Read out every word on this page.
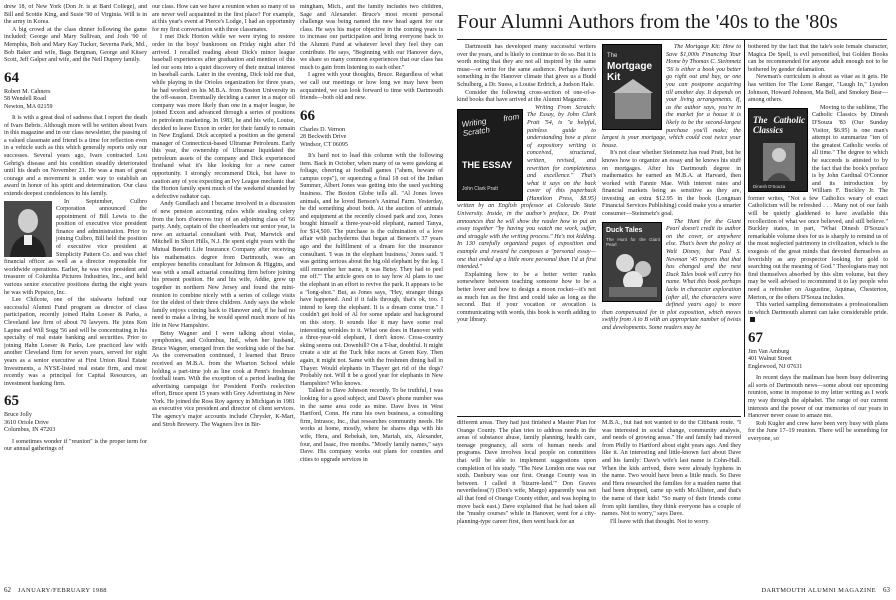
drew 18, of New York (Don Jr. is at Bard College), and Bill and Scottie King, and Susie '90 of Virginia. Will is in the army in Korea.

A big crowd at the class dinner following the game included: George and Mary Sullivan, and Josh '90 of Memphis, Bob and Mary Kay Tucker, Severna Park, Md., Bob Baker and wife, Bags Bergman, George and Kitsey Scott, Jeff Galper and wife, and the Neil Duprey family.

64
Robert M. Cahners
58 Wendell Road
Newton, MA 02159

It is with a great deal of sadness that I report the death of Ivars Bebris. Although more will be written about Ivars in this magazine and in our class newsletter, the passing of a valued classmate and friend is a time for reflection even in a vehicle such as this which generally reports only our successes. Several years ago, Ivars contracted Lou Gehrig's disease and his condition steadily deteriorated until his death on November 21. He was a man of great courage and a movement is under way to establish an award in honor of his spirit and determination. Our class extends deepest condolences to his family.

In September, Culbro Corporation announced the appointment of Bill Lewis to the position of executive vice president finance and administration. Prior to joining Culbro, Bill held the position of executive vice president at Simplicity Pattern Co. and was chief financial officer as well as a director responsible for worldwide operations. Earlier, he was vice president and treasurer of Columbia Pictures Industries, Inc., and held various senior executive positions during the eight years he was with Pepsico, Inc.

Lee Chilcote, one of the stalwarts behind our successful Alumni Fund program as director of class participation, recently joined Hahn Loeser & Parks, a Cleveland law firm of about 70 lawyers. He joins Ken Lapine and Will Sogg '56 and will be concentrating in his specialty of real estate banking and securities. Prior to joining Hahn Loeser & Parks, Lee practiced law with another Cleveland firm for seven years, served for eight years as a senior executive at First Union Real Estate Investments, a NYSE-listed real estate firm, and most recently was a principal for Capital Resources, an investment banking firm.

65
Bruce Jolly
3610 Oriole Drive
Columbus, IN 47203

I sometimes wonder if "reunion" is the proper term for our annual gatherings of

our class. How can we have a reunion when so many of us are never well acquainted in the first place? For example, at this year's event at Pierce's Lodge, I had an opportunity for my first conversation with three classmates.

I met Dick Horton while we were trying to restore order in the boys' bunkroom on Friday night after I'd arrived. I recalled reading about Dick's minor league baseball experiences after graduation and mention of this led our sons into a quiet discovery of their mutual interest in baseball cards. Later in the evening, Dick told me that, while playing in the Orioles organization for three years, he had worked on his M.B.A. from Boston University in the off-season. Eventually deciding a career in a major oil company was more likely than one in a major league, he joined Exxon and advanced through a series of positions in petroleum marketing. In 1983, he and his wife, Louise, decided to leave Exxon in order for their family to remain in New England. Dick accepted a position as the general manager of Connecticut-based Ultramar Petroleum. Early this year, the ownership of Ultramar liquidated the petroleum assets of the company and Dick experienced firsthand what it's like looking for a new career opportunity. I strongly recommend Dick, but have to caution any of you expecting an Ivy League mechanic that the Horton family spent much of the weekend stranded by a defective radiator cap.

Andy Gundlach and I became involved in a discussion of new pension accounting rules while stealing celery from the hors d'oeuvres tray of an adjoining class of '66 party. Andy, captain of the cheerleaders our senior year, is now an actuarial consultant with Peat, Marwick and Mitchell in Short Hills, N.J. He spent eight years with the Mutual Benefit Life Insurance Company after receiving his mathematics degree from Dartmouth, was an employee benefits consultant for Johnson & Higgins, and was with a small actuarial consulting firm before joining his present position. He and his wife, Addie, grew up together in northern New Jersey and found the mini-reunion to combine nicely with a series of college visits for the eldest of their three children. Andy says the whole family enjoys coming back to Hanover and, if he had no need to make a living, he would spend much more of his life in New Hampshire.

Betsy Wagner and I were talking about violas, symphonies, and Columbus, Ind., when her husband, Bruce Wagner, emerged from the working side of the bar. As the conversation continued, I learned that Bruce received an M.B.A. from the Wharton School while holding a part-time job as line cook at Penn's freshman football team. With the exception of a period leading the advertising campaign for President Ford's reelection effort, Bruce spent 15 years with Grey Advertising in New York. He joined the Ross Roy agency in Michigan in 1981 as executive vice president and director of client services. The agency's major accounts include Chrysler, K-Mart, and Stroh Brewery. The Wagners live in Bir-

mingham, Mich., and the family includes two children, Sage and Alexander. Bruce's most recent personal challenge was being named the new head agent for our class. He says his major objective in the coming years is to increase our participation and bring everyone back to the Alumni Fund at whatever level they feel they can contribute. He says, "Beginning with our Hanover days, we share so many common experiences that our class has much to gain from listening to each other."

I agree with your thoughts, Bruce. Regardless of what we call our meetings or how long we may have been acquainted, we can look forward to time with Dartmouth friends—both old and new.

66
Charles D. Vernon
28 Beckwith Drive
Windsor, CT 06095

It's hard not to lead this column with the following item. Back in October, when many of us were gawking at foliage, cheering at football games ("ahem, beware of campus cops"), or squeezing a final 18 out of the Indian Summer, Albert Jones was getting into the used yachting business. The Boston Globe tells all. "Al Jones loves animals, and he loved Benson's Animal Farm. Yesterday, he did something about both. At the auction of animals and equipment at the recently closed park and zoo, Jones bought himself a three-year-old elephant, named Tanya, for $14,500. The purchase is the culmination of a love affair with pachyderms that began at Benson's 37 years ago and the fulfillment of a dream for the insurance consultant. 'I was in the elephant business,' Jones said. 'I was getting serious about the big old elephant by the leg. I still remember her name, it was Betsy. They had to peel me off.'" The article goes on to say how Al plans to use the elephant in an effort to revive the park. It appears to be a "long-shot." But, as Jones says, "Hey, stranger things have happened. And if it falls through, that's ok, too. I intend to keep the elephant. It is a dream come true." I couldn't get hold of Al for some update and background on this story. It sounds like it may have some real interesting wrinkles to it. What one does in Hanover with a three-year-old elephant, I don't know. Cross-country skiing seems out. Downhill? On a T-bar, doubtful. It might create a stir at the Tuck bike races at Green Key. Then again, it might not. Same with the freshmen dining hall in Thayer. Would elephants in Thayer get rid of the dogs? Probably not. Will it be a good year for elephants in New Hampshire? Who knows.

Talked to Dave Johnson recently. To be truthful, I was looking for a good subject, and Dave's phone number was in the same area code as mine. Dave lives in West Hartford, Conn. He runs his own business, a consulting firm, Intrasoc, Inc., that researches community needs. He works at home, mostly, where he shares digs with his wife, Hera, and Rebekah, ten, Mariah, six, Alexander, four, and Isaac, five months. "Mostly family names," says Dave. His company works out plans for counties and cities to upgrade services in

62 JANUARY/FEBRUARY 1988
Four Alumni Authors from the '40s to the '80s

Dartmouth has developed many successful writers over the years, and is likely to continue to do so. But it is worth noting that they are not all inspired by the same muse—or write for the same audience. Perhaps there's something in the Hanover climate that gives us a Budd Schulberg, a Dr. Suess, a Louise Erdrich, a Judson Hale.

Consider the following cross-section of one-of-a-kind books that have arrived at the Alumni Magazine.

Writing from Scratch
THE ESSAY
John Clark Pratt

Writing From Scratch: The Essay, by John Clark Pratt '54, is "a helpful, painless guide to understanding how a piece of expository writing is conceived, structured, written, revised, and rewritten for completeness and excellence." That's what it says on the back cover of this paperback (Hamilton Press, $8.95) written by an English professor at Colorado State University. Inside, in the author's preface, Dr. Pratt announces that he will show the reader how to put an essay together "by having you watch me work, suffer, and struggle with the writing process." He's not kidding. In 130 carefully organized pages of exposition and example and reward he composes a "personal essay—one that ended up a little more personal than I'd at first intended."

Explaining how to be a better writer ranks somewhere between teaching someone how to be a better lover and how to design a moon rocket—it's not as much fun as the first and could take as long as the second. But if your vocation or avocation is communicating with words, this book is worth adding to your library.

The
Mortgage Kit

The Mortgage Kit: How to Save $1,000s Financing Your Home by Thomas C. Steinmetz '56 is either a book you better go right out and buy, or one you can postpone acquiring till another day. It depends on your living arrangements. If, as the author says, you're in the market for a house it is likely to be the second-largest purchase you'll make; the largest is your mortgage, which could cost twice your house.

It's not clear whether Steinmetz has read Pratt, but he knows how to organize an essay and he knows his stuff on mortgages. After his Dartmouth degree in mathematics he earned an M.B.A. at Harvard, then worked with Fannie Mae. With interest rates and financial markets being as sensitive as they are, investing an extra $12.95 in the book (Longman Financial Services Publishing) could make you a smarter consumer—Steinmetz's goal.

Duck Tales
The Hunt for the Giant Pearl

The Hunt for the Giant Pearl doesn't credit its author on the cover, or anywhere else. That's been the policy at Walt Disney, but Paul S. Newman '45 reports that that has changed and the next Duck Tales book will carry his name. What this book perhaps lacks in character exploration (after all, the characters were defined years ago) is more than compensated for in plot exposition, which moves swiftly from A to B with an appropriate number of twists and developments. Some readers may be

bothered by the fact that the tale's sole female character, Magica De Spell, is evil personified, but Golden Books can be recommended for anyone adult enough not to be bothered by gender defamation.

Newman's curriculum is about as vitae as it gets. He has written for The Lone Ranger, "Laugh In," Lyndon Johnson, Howard Johnson, Ma Bell, and Smokey Bear—among others.

The Catholic Classics
Dinesh D'Souza

Moving to the sublime, The Catholic Classics by Dinesh D'Souza '83 (Our Sunday Visitor, $6.95) is one man's attempt to summarize "ten of the greatest Catholic works of all time." The degree to which he succeeds is attested to by the fact that the book's preface is by John Cardinal O'Connor and its introduction by William F. Buckley Jr. The former writes, "Not a few Catholics weary of exact Catholicism will be refreshed . . . Many not of our faith will be quietly gladdened to have available this recollection of what we once believed, and still believe." Buckley states, in part, "What Dinesh D'Souza's remarkable volume does for us is sharply to remind us of the most neglected patrimony in civilization, which is the exegesis of the great minds that devoted themselves as feverishly as any prospector looking for gold to searching out the meaning of God." Theologians may not find themselves absorbed by this slim volume, but they may be well advised to recommend it to lay people who need a refresher on Augustine, Aquinas, Chesterton, Merton, or the others D'Souza includes.

This varied sampling demonstrates a professionalism in which Dartmouth alumni can take considerable pride.

67
Jim Van Amburg
401 Walnut Street
Englewood, NJ 07631

In recent days the mailman has been busy delivering all sorts of Dartmouth news—some about our upcoming reunion, some in response to my letter writing as I work my way through the alphabet. The range of our current interests and the power of our memories of our years in Hanover never cease to amaze me.

Rob Kugler and crew have been very busy with plans for the June 17–19 reunion. There will be something for everyone, so

different areas. They had just finished a Master Plan for Orange County. The plan tries to address needs in the areas of substance abuse, family planning, health care, teenage pregnancy, all sorts of human needs and programs. Dave involves local people on committees that will be able to implement suggestions upon completion of his study. "The New London one was our sixth. Danbury was our first. Orange County was in between. I called it 'bizarre-land.'" Don Graves nevertheless(?) (Don's wife, Margo) apparently was not all that fond of Orange County either, and was hoping to move back east.) Dave explained that he had taken all the "mushy courses" while in Hanover, went for a city-planning-type career first, then went back for an

M.B.A., but had not wanted to do the Citibank route. "I was interested in social change, community analysis, and needs of growing areas." He and family had moved from Philly to Hartford about eight years ago. And they like it. An interesting and little-known fact about Dave and his family: Dave's wife's last name is Cohn-Hall. When the kids arrived, there were already hyphens in the name. Two would have been a little much. So Dave and Hera researched the families for a maiden name that had been dropped, came up with McAllister, and that's the name of their kids! "So many of their friends come from split families, they think everyone has a couple of names. Not to worry," says Dave.

I'll leave with that thought. Not to worry.

DARTMOUTH ALUMNI MAGAZINE 63
